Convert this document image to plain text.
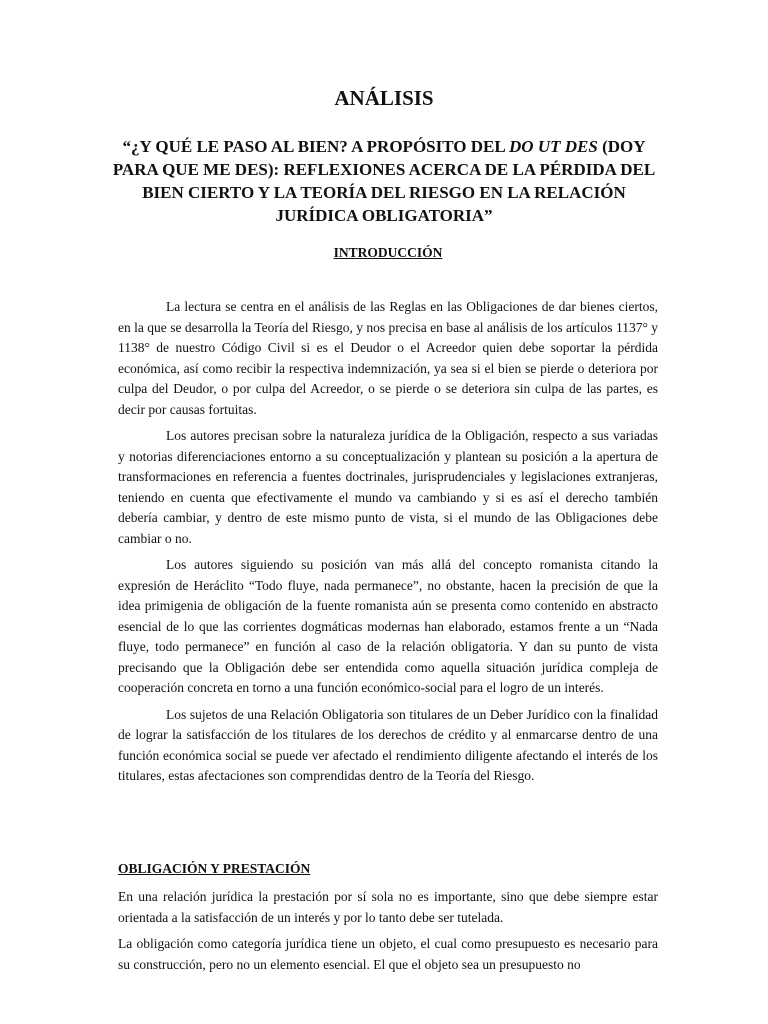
ANÁLISIS
“¿Y QUÉ LE PASO AL BIEN? A PROPÓSITO DEL DO UT DES (DOY PARA QUE ME DES): REFLEXIONES ACERCA DE LA PÉRDIDA DEL BIEN CIERTO Y LA TEORÍA DEL RIESGO EN LA RELACIÓN JURÍDICA OBLIGATORIA”
INTRODUCCIÓN

La lectura se centra en el análisis de las Reglas en las Obligaciones de dar bienes ciertos, en la que se desarrolla la Teoría del Riesgo, y nos precisa en base al análisis de los artículos 1137° y 1138° de nuestro Código Civil si es el Deudor o el Acreedor quien debe soportar la pérdida económica, así como recibir la respectiva indemnización, ya sea si el bien se pierde o deteriora por culpa del Deudor, o por culpa del Acreedor, o se pierde o se deteriora sin culpa de las partes, es decir por causas fortuitas.

Los autores precisan sobre la naturaleza jurídica de la Obligación, respecto a sus variadas y notorias diferenciaciones entorno a su conceptualización y plantean su posición a la apertura de transformaciones en referencia a fuentes doctrinales, jurisprudenciales y legislaciones extranjeras, teniendo en cuenta que efectivamente el mundo va cambiando y si es así el derecho también debería cambiar, y dentro de este mismo punto de vista, si el mundo de las Obligaciones debe cambiar o no.

Los autores siguiendo su posición van más allá del concepto romanista citando la expresión de Heráclito “Todo fluye, nada permanece”, no obstante, hacen la precisión de que la idea primigenia de obligación de la fuente romanista aún se presenta como contenido en abstracto esencial de lo que las corrientes dogmáticas modernas han elaborado, estamos frente a un “Nada fluye, todo permanece” en función al caso de la relación obligatoria. Y dan su punto de vista precisando que la Obligación debe ser entendida como aquella situación jurídica compleja de cooperación concreta en torno a una función económico-social para el logro de un interés.

Los sujetos de una Relación Obligatoria son titulares de un Deber Jurídico con la finalidad de lograr la satisfacción de los titulares de los derechos de crédito y al enmarcarse dentro de una función económica social se puede ver afectado el rendimiento diligente afectando el interés de los titulares, estas afectaciones son comprendidas dentro de la Teoría del Riesgo.

OBLIGACIÓN Y PRESTACIÓN

En una relación jurídica la prestación por sí sola no es importante, sino que debe siempre estar orientada a la satisfacción de un interés y por lo tanto debe ser tutelada.

La obligación como categoría jurídica tiene un objeto, el cual como presupuesto es necesario para su construcción, pero no un elemento esencial. El que el objeto sea un presupuesto no
